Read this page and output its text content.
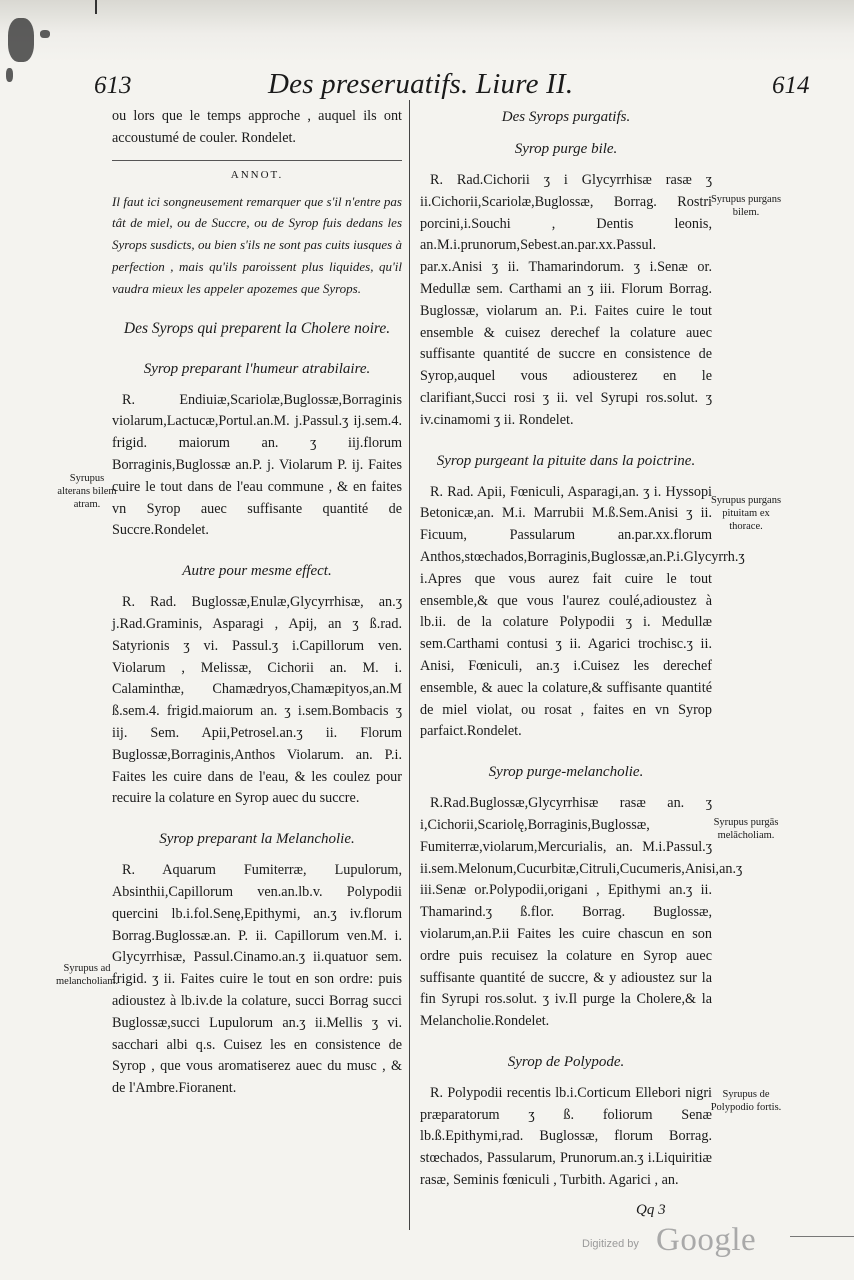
613	Des preseruatifs. Liure II.	614

ou lors que le temps approche , auquel ils ont accoustumé de couler. Rondelet.

ANNOT.

Il faut ici songneusement remarquer que s'il n'entre pas tât de miel, ou de Succre, ou de Syrop fuis dedans les Syrops susdicts, ou bien s'ils ne sont pas cuits iusques à perfection , mais qu'ils paroissent plus liquides, qu'il vaudra mieux les appeler apozemes que Syrops.

Des Syrops qui preparent la Cholere noire.

Syrop preparant l'humeur atrabilaire.

R. Endiuiæ,Scariolæ,Buglossæ,Borraginis violarum,Lactucæ,Portul.an.M. j.Passul.ʒ ij.sem.4. frigid. maiorum an. ʒ iij.florum Borraginis,Buglossæ an.P. j. Violarum P. ij. Faites cuire le tout dans de l'eau commune , & en faites vn Syrop auec suffisante quantité de Succre.Rondelet.

Autre pour mesme effect.

R. Rad. Buglossæ,Enulæ,Glycyrrhisæ, an.ʒ j.Rad.Graminis, Asparagi , Apij, an ʒ ß.rad. Satyrionis ʒ vi. Passul.ʒ i.Capillorum ven. Violarum , Melissæ, Cichorii an. M. i. Calaminthæ, Chamædryos,Chamæpityos,an.M ß.sem.4. frigid.maiorum an. ʒ i.sem.Bombacis ʒ iij. Sem. Apii,Petrosel.an.ʒ ii. Florum Buglossæ,Borraginis,Anthos Violarum. an. P.i. Faites les cuire dans de l'eau, & les coulez pour recuire la colature en Syrop auec du succre.

Syrop preparant la Melancholie.

R. Aquarum Fumiterræ, Lupulorum, Absinthii,Capillorum ven.an.lb.v. Polypodii quercini lb.i.fol.Senę,Epithymi, an.ʒ iv.florum Borrag.Buglossæ.an. P. ii. Capillorum ven.M. i. Glycyrrhisæ, Passul.Cinamo.an.ʒ ii.quatuor sem. frigid. ʒ ii. Faites cuire le tout en son ordre: puis adioustez à lb.iv.de la colature, succi Borrag succi Buglossæ,succi Lupulorum an.ʒ ii.Mellis ʒ vi. sacchari albi q.s. Cuisez les en consistence de Syrop , que vous aromatiserez auec du musc , & de l'Ambre.Fioranent.

Des Syrops purgatifs.

Syrop purge bile.

R. Rad.Cichorii ʒ i Glycyrrhisæ rasæ ʒ ii.Cichorii,Scariolæ,Buglossæ, Borrag. Rostri porcini,i.Souchi , Dentis leonis, an.M.i.prunorum,Sebest.an.par.xx.Passul. par.x.Anisi ʒ ii. Thamarindorum. ʒ i.Senæ or. Medullæ sem. Carthami an ʒ iii. Florum Borrag. Buglossæ, violarum an. P.i. Faites cuire le tout ensemble & cuisez derechef la colature auec suffisante quantité de succre en consistence de Syrop,auquel vous adiousterez en le clarifiant,Succi rosi ʒ ii. vel Syrupi ros.solut. ʒ iv.cinamomi ʒ ii. Rondelet.

Syrop purgeant la pituite dans la poictrine.

R. Rad. Apii, Fœniculi, Asparagi,an. ʒ i. Hyssopi Betonicæ,an. M.i. Marrubii M.ß.Sem.Anisi ʒ ii. Ficuum, Passularum an.par.xx.florum Anthos,stœchados,Borraginis,Buglossæ,an.P.i.Glycyrrh.ʒ i.Apres que vous aurez fait cuire le tout ensemble,& que vous l'aurez coulé,adioustez à lb.ii. de la colature Polypodii ʒ i. Medullæ sem.Carthami contusi ʒ ii. Agarici trochisc.ʒ ii. Anisi, Fœniculi, an.ʒ i.Cuisez les derechef ensemble, & auec la colature,& suffisante quantité de miel violat, ou rosat , faites en vn Syrop parfaict.Rondelet.

Syrop purge-melancholie.

R.Rad.Buglossæ,Glycyrrhisæ rasæ an. ʒ i,Cichorii,Scariolę,Borraginis,Buglossæ, Fumiterræ,violarum,Mercurialis, an. M.i.Passul.ʒ ii.sem.Melonum,Cucurbitæ,Citruli,Cucumeris,Anisi,an.ʒ iii.Senæ or.Polypodii,origani , Epithymi an.ʒ ii. Thamarind.ʒ ß.flor. Borrag. Buglossæ, violarum,an.P.ii Faites les cuire chascun en son ordre puis recuisez la colature en Syrop auec suffisante quantité de succre, & y adioustez sur la fin Syrupi ros.solut. ʒ iv.Il purge la Cholere,& la Melancholie.Rondelet.

Syrop de Polypode.

R. Polypodii recentis lb.i.Corticum Ellebori nigri præparatorum ʒ ß. foliorum Senæ lb.ß.Epithymi,rad. Buglossæ, florum Borrag. stœchados, Passularum, Prunorum.an.ʒ i.Liquiritiæ rasæ, Seminis fœniculi , Turbith. Agarici , an.

Syrupus alterans bilem atram.
Syrupus ad melancholiam.
Syrupus purgans bilem.
Syrupus purgans pituitam ex thorace.
Syrupus purgās melācholiam.
Syrupus de Polypodio fortis.
Qq 3
Digitized by Google
